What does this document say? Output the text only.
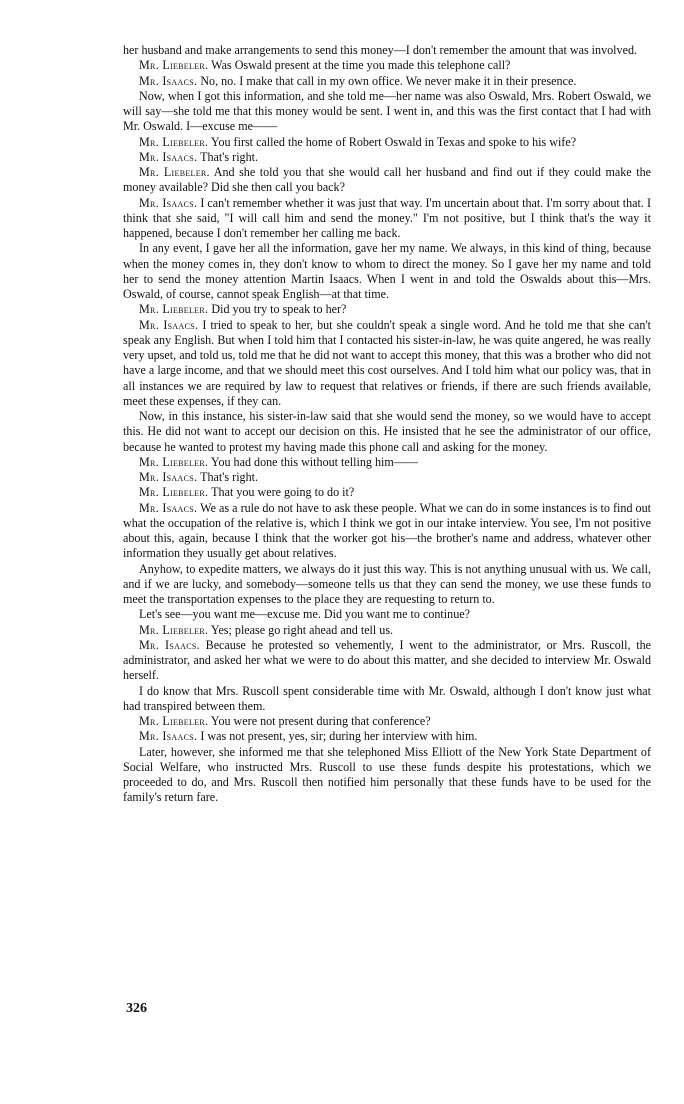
her husband and make arrangements to send this money—I don't remember the amount that was involved.

Mr. Liebeler. Was Oswald present at the time you made this telephone call?

Mr. Isaacs. No, no. I make that call in my own office. We never make it in their presence.

Now, when I got this information, and she told me—her name was also Oswald, Mrs. Robert Oswald, we will say—she told me that this money would be sent. I went in, and this was the first contact that I had with Mr. Oswald. I—excuse me——

Mr. Liebeler. You first called the home of Robert Oswald in Texas and spoke to his wife?

Mr. Isaacs. That's right.

Mr. Liebeler. And she told you that she would call her husband and find out if they could make the money available? Did she then call you back?

Mr. Isaacs. I can't remember whether it was just that way. I'm uncertain about that. I'm sorry about that. I think that she said, "I will call him and send the money." I'm not positive, but I think that's the way it happened, because I don't remember her calling me back.

In any event, I gave her all the information, gave her my name. We always, in this kind of thing, because when the money comes in, they don't know to whom to direct the money. So I gave her my name and told her to send the money attention Martin Isaacs. When I went in and told the Oswalds about this—Mrs. Oswald, of course, cannot speak English—at that time.

Mr. Liebeler. Did you try to speak to her?

Mr. Isaacs. I tried to speak to her, but she couldn't speak a single word. And he told me that she can't speak any English. But when I told him that I contacted his sister-in-law, he was quite angered, he was really very upset, and told us, told me that he did not want to accept this money, that this was a brother who did not have a large income, and that we should meet this cost ourselves. And I told him what our policy was, that in all instances we are required by law to request that relatives or friends, if there are such friends available, meet these expenses, if they can.

Now, in this instance, his sister-in-law said that she would send the money, so we would have to accept this. He did not want to accept our decision on this. He insisted that he see the administrator of our office, because he wanted to protest my having made this phone call and asking for the money.

Mr. Liebeler. You had done this without telling him——

Mr. Isaacs. That's right.

Mr. Liebeler. That you were going to do it?

Mr. Isaacs. We as a rule do not have to ask these people. What we can do in some instances is to find out what the occupation of the relative is, which I think we got in our intake interview. You see, I'm not positive about this, again, because I think that the worker got his—the brother's name and address, whatever other information they usually get about relatives.

Anyhow, to expedite matters, we always do it just this way. This is not anything unusual with us. We call, and if we are lucky, and somebody—someone tells us that they can send the money, we use these funds to meet the transportation expenses to the place they are requesting to return to.

Let's see—you want me—excuse me. Did you want me to continue?

Mr. Liebeler. Yes; please go right ahead and tell us.

Mr. Isaacs. Because he protested so vehemently, I went to the administrator, or Mrs. Ruscoll, the administrator, and asked her what we were to do about this matter, and she decided to interview Mr. Oswald herself.

I do know that Mrs. Ruscoll spent considerable time with Mr. Oswald, although I don't know just what had transpired between them.

Mr. Liebeler. You were not present during that conference?

Mr. Isaacs. I was not present, yes, sir; during her interview with him.

Later, however, she informed me that she telephoned Miss Elliott of the New York State Department of Social Welfare, who instructed Mrs. Ruscoll to use these funds despite his protestations, which we proceeded to do, and Mrs. Ruscoll then notified him personally that these funds have to be used for the family's return fare.

326
